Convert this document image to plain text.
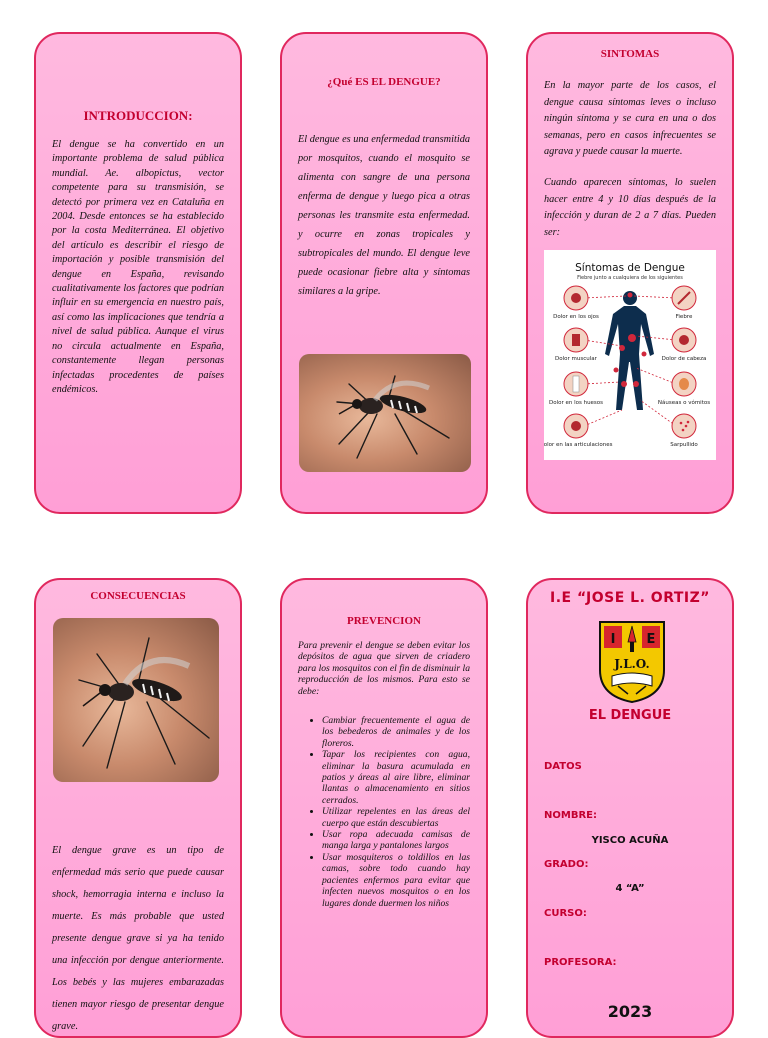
INTRODUCCION:

El dengue se ha convertido en un importante problema de salud pública mundial. Ae. albopictus, vector competente para su transmisión, se detectó por primera vez en Cataluña en 2004. Desde entonces se ha establecido por la costa Mediterránea. El objetivo del artículo es describir el riesgo de importación y posible transmisión del dengue en España, revisando cualitativamente los factores que podrían influir en su emergencia en nuestro país, así como las implicaciones que tendría a nivel de salud pública. Aunque el virus no circula actualmente en España, constantemente llegan personas infectadas procedentes de países endémicos.

¿Qué ES EL DENGUE?

El dengue es una enfermedad transmitida por mosquitos, cuando el mosquito se alimenta con sangre de una persona enferma de dengue y luego pica a otras personas les transmite esta enfermedad. y ocurre en zonas tropicales y subtropicales del mundo. El dengue leve puede ocasionar fiebre alta y síntomas similares a la gripe.

SINTOMAS

En la mayor parte de los casos, el dengue causa síntomas leves o incluso ningún síntoma y se cura en una o dos semanas, pero en casos infrecuentes se agrava y puede causar la muerte.

Cuando aparecen síntomas, lo suelen hacer entre 4 y 10 días después de la infección y duran de 2 a 7 días. Pueden ser:

Síntomas de Dengue
Fiebre junto a cualquiera de los siguientes
Dolor en los ojos
Dolor muscular
Dolor en los huesos
Dolor en las articulaciones
Fiebre
Dolor de cabeza
Náuseas o vómitos
Sarpullido
CONSECUENCIAS

El dengue grave es un tipo de enfermedad más serio que puede causar shock, hemorragia interna e incluso la muerte. Es más probable que usted presente dengue grave si ya ha tenido una infección por dengue anteriormente. Los bebés y las mujeres embarazadas tienen mayor riesgo de presentar dengue grave.

PREVENCION

Para prevenir el dengue se deben evitar los depósitos de agua que sirven de criadero para los mosquitos con el fin de disminuir la reproducción de los mismos. Para esto se debe:

• Cambiar frecuentemente el agua de los bebederos de animales y de los floreros.
• Tapar los recipientes con agua, eliminar la basura acumulada en patios y áreas al aire libre, eliminar llantas o almacenamiento en sitios cerrados.
• Utilizar repelentes en las áreas del cuerpo que están descubiertas
• Usar ropa adecuada camisas de manga larga y pantalones largos
• Usar mosquiteros o toldillos en las camas, sobre todo cuando hay pacientes enfermos para evitar que infecten nuevos mosquitos o en los lugares donde duermen los niños
I.E “JOSE L. ORTIZ”
I E
J.L.O.
EL DENGUE
DATOS
NOMBRE:
YISCO ACUÑA
GRADO:
4 “A”
CURSO:
PROFESORA:
2023
